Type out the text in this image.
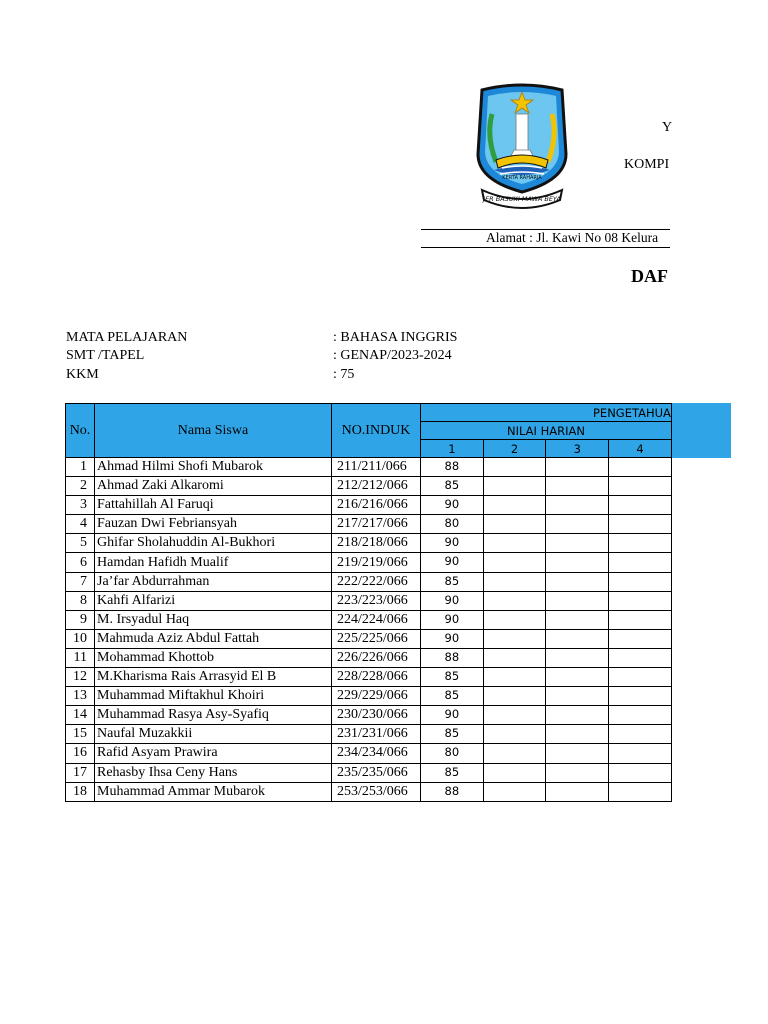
KERTA RAHARJA
JER BASUKI MAWA BEYA
Y
KOMPI
Alamat : Jl. Kawi No 08 Kelura
DAF
MATA PELAJARAN	: BAHASA INGGRIS
SMT /TAPEL	: GENAP/2023-2024
KKM	: 75
No.	Nama Siswa	NO.INDUK	PENGETAHUA			
			NILAI HARIAN			
			1	2	3	4
1	Ahmad Hilmi Shofi Mubarok	211/211/066	88			
2	Ahmad Zaki Alkaromi	212/212/066	85			
3	Fattahillah Al Faruqi	216/216/066	90			
4	Fauzan Dwi Febriansyah	217/217/066	80			
5	Ghifar Sholahuddin Al-Bukhori	218/218/066	90			
6	Hamdan Hafidh Mualif	219/219/066	90			
7	Ja’far Abdurrahman	222/222/066	85			
8	Kahfi Alfarizi	223/223/066	90			
9	M. Irsyadul Haq	224/224/066	90			
10	Mahmuda Aziz Abdul Fattah	225/225/066	90			
11	Mohammad Khottob	226/226/066	88			
12	M.Kharisma Rais Arrasyid El B	228/228/066	85			
13	Muhammad Miftakhul Khoiri	229/229/066	85			
14	Muhammad Rasya Asy-Syafiq	230/230/066	90			
15	Naufal Muzakkii	231/231/066	85			
16	Rafid Asyam Prawira	234/234/066	80			
17	Rehasby Ihsa Ceny Hans	235/235/066	85			
18	Muhammad Ammar Mubarok	253/253/066	88			
